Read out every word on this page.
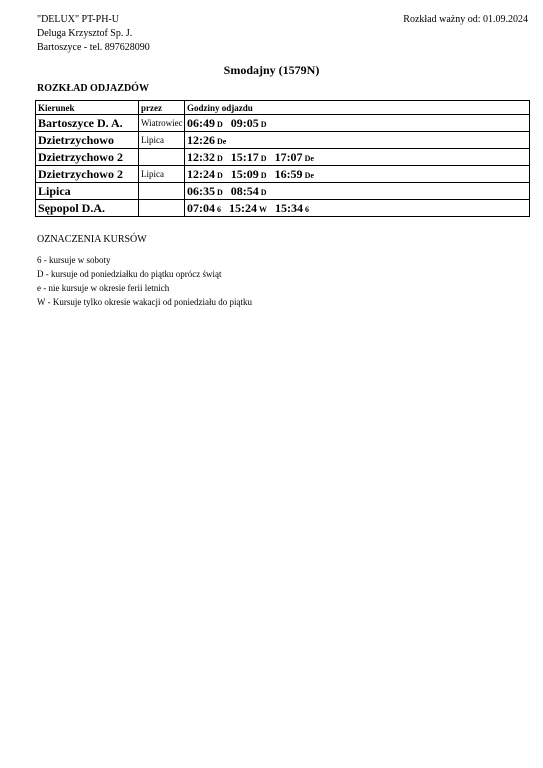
"DELUX" PT-PH-U
Deluga Krzysztof Sp. J.
Bartoszyce - tel. 897628090
Rozkład ważny od: 01.09.2024
Smodajny (1579N)
ROZKŁAD ODJAZDÓW
Kierunek	przez	Godziny odjazdu
Bartoszyce D. A.	Wiatrowiec	06:49 D 09:05 D
Dzietrzychowo	Lipica	12:26 De
Dzietrzychowo 2		12:32 D 15:17 D 17:07 De
Dzietrzychowo 2	Lipica	12:24 D 15:09 D 16:59 De
Lipica		06:35 D 08:54 D
Sępopol D.A.		07:04 6 15:24 W 15:34 6
OZNACZENIA KURSÓW
6 - kursuje w soboty
D - kursuje od poniedziałku do piątku oprócz świąt
e - nie kursuje w okresie ferii letnich
W - Kursuje tylko okresie wakacji od poniedziału do piątku
